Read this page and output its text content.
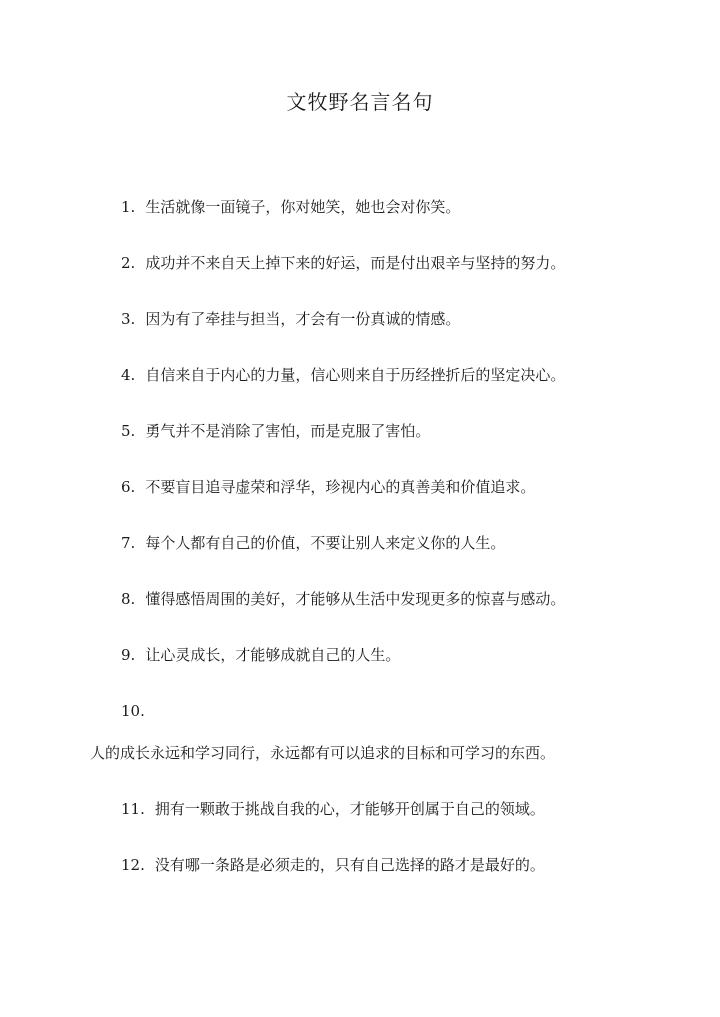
文牧野名言名句
1. 生活就像一面镜子，你对她笑，她也会对你笑。
2. 成功并不来自天上掉下来的好运，而是付出艰辛与坚持的努力。
3. 因为有了牵挂与担当，才会有一份真诚的情感。
4. 自信来自于内心的力量，信心则来自于历经挫折后的坚定决心。
5. 勇气并不是消除了害怕，而是克服了害怕。
6. 不要盲目追寻虚荣和浮华，珍视内心的真善美和价值追求。
7. 每个人都有自己的价值，不要让别人来定义你的人生。
8. 懂得感悟周围的美好，才能够从生活中发现更多的惊喜与感动。
9. 让心灵成长，才能够成就自己的人生。
10.
人的成长永远和学习同行，永远都有可以追求的目标和可学习的东西。
11. 拥有一颗敢于挑战自我的心，才能够开创属于自己的领域。
12. 没有哪一条路是必须走的，只有自己选择的路才是最好的。
